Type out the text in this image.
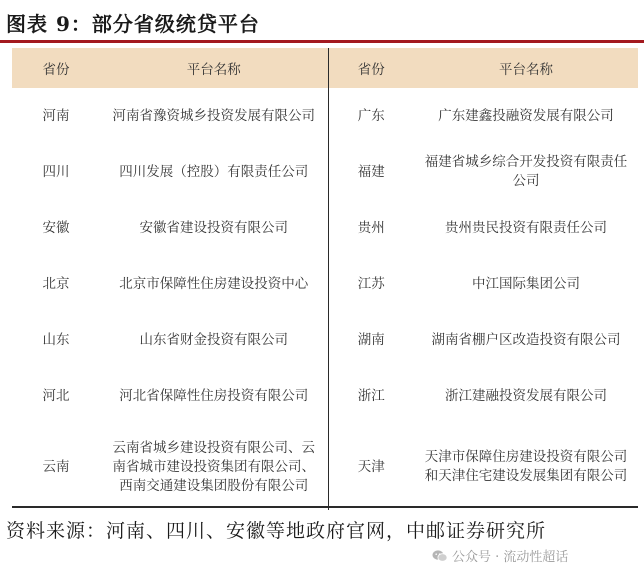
图表 9：部分省级统贷平台
省份	平台名称	省份	平台名称
河南	河南省豫资城乡投资发展有限公司	广东	广东建鑫投融资发展有限公司
四川	四川发展（控股）有限责任公司	福建	福建省城乡综合开发投资有限责任公司
安徽	安徽省建设投资有限公司	贵州	贵州贵民投资有限责任公司
北京	北京市保障性住房建设投资中心	江苏	中江国际集团公司
山东	山东省财金投资有限公司	湖南	湖南省棚户区改造投资有限公司
河北	河北省保障性住房投资有限公司	浙江	浙江建融投资发展有限公司
云南	云南省城乡建设投资有限公司、云南省城市建设投资集团有限公司、西南交通建设集团股份有限公司	天津	天津市保障住房建设投资有限公司和天津住宅建设发展集团有限公司
资料来源：河南、四川、安徽等地政府官网，中邮证券研究所
公众号 · 流动性超话
